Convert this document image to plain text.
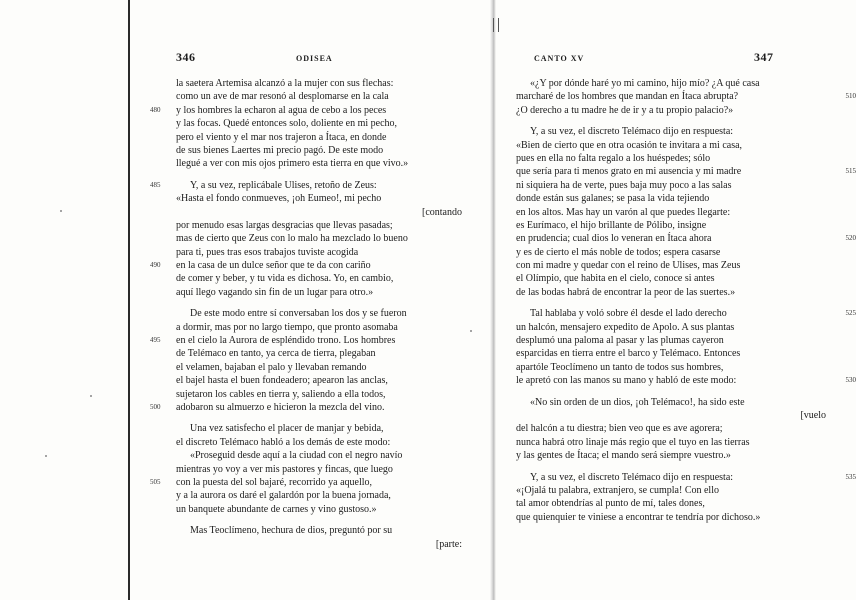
346	ODISEA
la saetera Artemisa alcanzó a la mujer con sus flechas:
como un ave de mar resonó al desplomarse en la cala
y los hombres la echaron al agua de cebo a los peces
480
y las focas. Quedé entonces solo, doliente en mi pecho,
pero el viento y el mar nos trajeron a Ítaca, en donde
de sus bienes Laertes mi precio pagó. De este modo
llegué a ver con mis ojos primero esta tierra en que vivo.»
Y, a su vez, replicábale Ulises, retoño de Zeus:
485
«Hasta el fondo conmueves, ¡oh Eumeo!, mi pecho
[contando
por menudo esas largas desgracias que llevas pasadas;
mas de cierto que Zeus con lo malo ha mezclado lo bueno
para ti, pues tras esos trabajos tuviste acogida
en la casa de un dulce señor que te da con cariño
490
de comer y beber, y tu vida es dichosa. Yo, en cambio,
aquí llego vagando sin fin de un lugar para otro.»
De este modo entre sí conversaban los dos y se fueron
a dormir, mas por no largo tiempo, que pronto asomaba
en el cielo la Aurora de espléndido trono. Los hombres
495
de Telémaco en tanto, ya cerca de tierra, plegaban
el velamen, bajaban el palo y llevaban remando
el bajel hasta el buen fondeadero; apearon las anclas,
sujetaron los cables en tierra y, saliendo a ella todos,
adobaron su almuerzo e hicieron la mezcla del vino.
500
Una vez satisfecho el placer de manjar y bebida,
el discreto Telémaco habló a los demás de este modo:
«Proseguid desde aquí a la ciudad con el negro navío
mientras yo voy a ver mis pastores y fincas, que luego
con la puesta del sol bajaré, recorrido ya aquello,
505
y a la aurora os daré el galardón por la buena jornada,
un banquete abundante de carnes y vino gustoso.»
Mas Teoclímeno, hechura de dios, preguntó por su
[parte:
CANTO XV	347
«¿Y por dónde haré yo mi camino, hijo mío? ¿A qué casa
marcharé de los hombres que mandan en Ítaca abrupta?	510
¿O derecho a tu madre he de ir y a tu propio palacio?»
Y, a su vez, el discreto Telémaco dijo en respuesta:
«Bien de cierto que en otra ocasión te invitara a mi casa,
pues en ella no falta regalo a los huéspedes; sólo
que sería para ti menos grato en mi ausencia y mi madre	515
ni siquiera ha de verte, pues baja muy poco a las salas
donde están sus galanes; se pasa la vida tejiendo
en los altos. Mas hay un varón al que puedes llegarte:
es Eurímaco, el hijo brillante de Pólibo, insigne
en prudencia; cual dios lo veneran en Ítaca ahora	520
y es de cierto el más noble de todos; espera casarse
con mi madre y quedar con el reino de Ulises, mas Zeus
el Olímpio, que habita en el cielo, conoce si antes
de las bodas habrá de encontrar la peor de las suertes.»
Tal hablaba y voló sobre él desde el lado derecho	525
un halcón, mensajero expedito de Apolo. A sus plantas
desplumó una paloma al pasar y las plumas cayeron
esparcidas en tierra entre el barco y Telémaco. Entonces
apartóle Teoclímeno un tanto de todos sus hombres,
le apretó con las manos su mano y habló de este modo:	530
«No sin orden de un dios, ¡oh Telémaco!, ha sido este
[vuelo
del halcón a tu diestra; bien veo que es ave agorera;
nunca habrá otro linaje más regio que el tuyo en las tierras
y las gentes de Ítaca; el mando será siempre vuestro.»
Y, a su vez, el discreto Telémaco dijo en respuesta:	535
«¡Ojalá tu palabra, extranjero, se cumpla! Con ello
tal amor obtendrías al punto de mí, tales dones,
que quienquier te viniese a encontrar te tendría por dichoso.»
